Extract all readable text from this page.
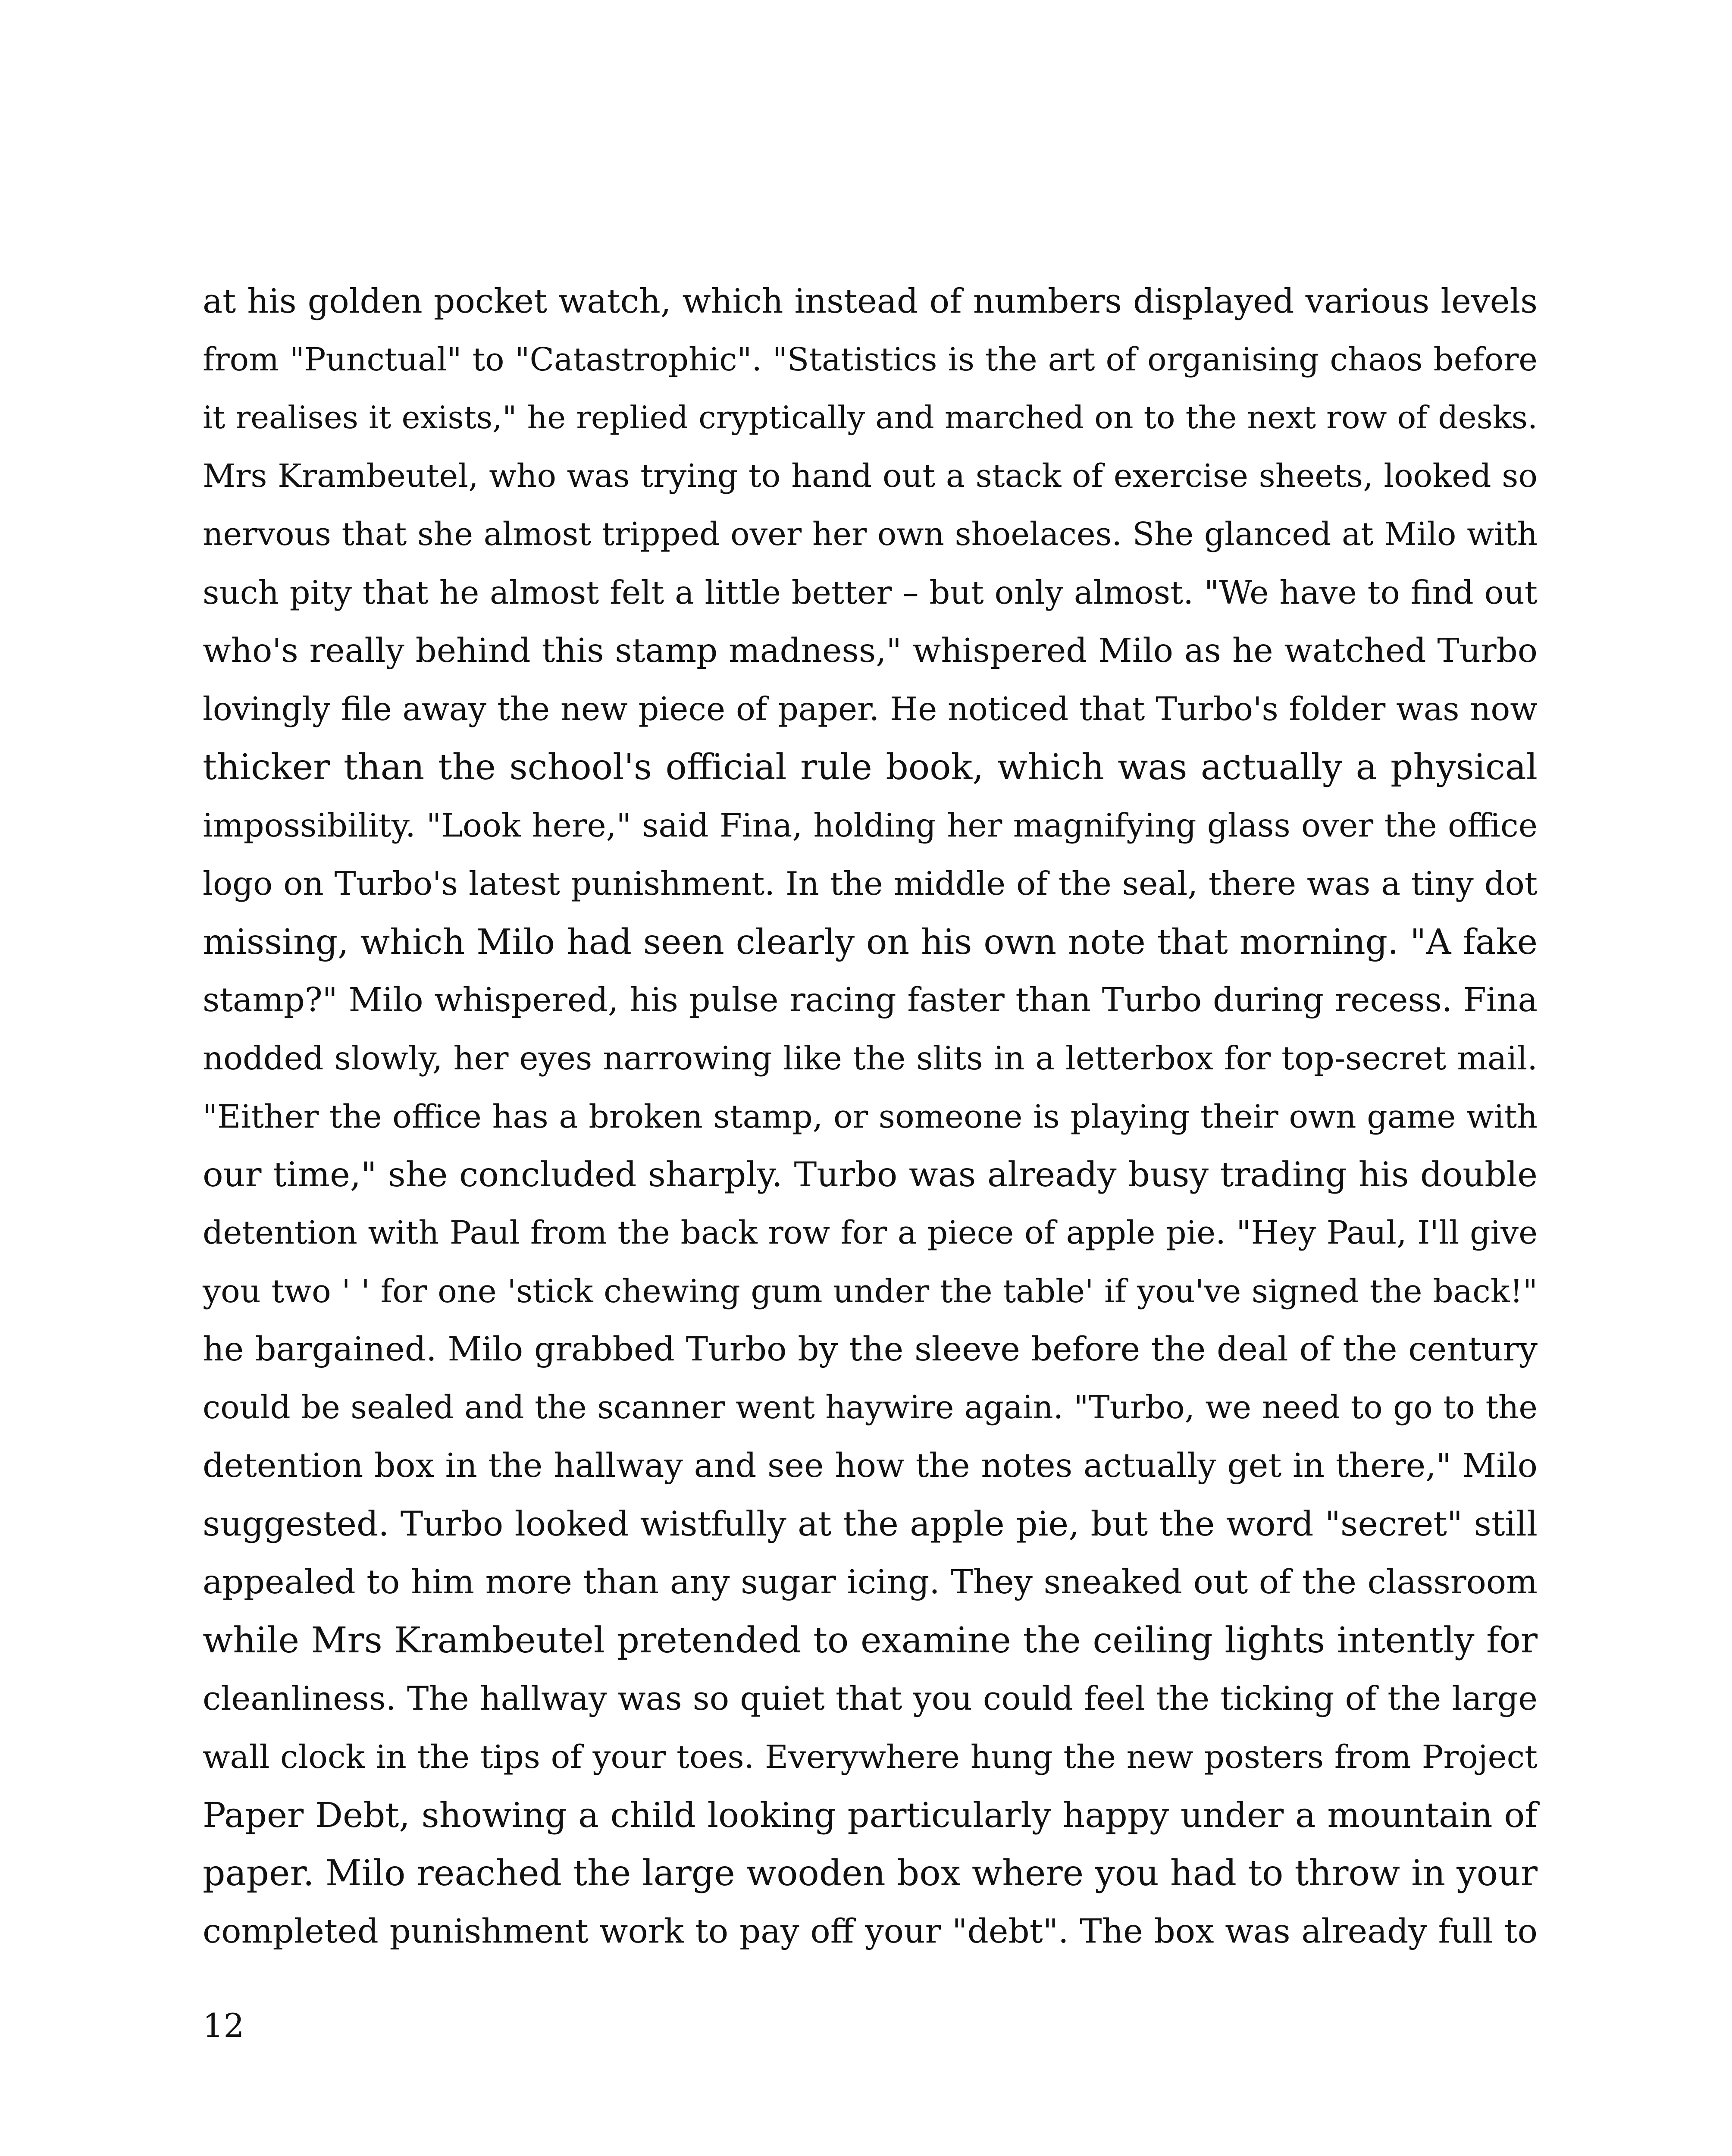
at his golden pocket watch, which instead of numbers displayed various levels
from "Punctual" to "Catastrophic". "Statistics is the art of organising chaos before
it realises it exists," he replied cryptically and marched on to the next row of desks.
Mrs Krambeutel, who was trying to hand out a stack of exercise sheets, looked so
nervous that she almost tripped over her own shoelaces. She glanced at Milo with
such pity that he almost felt a little better – but only almost. "We have to find out
who's really behind this stamp madness," whispered Milo as he watched Turbo
lovingly file away the new piece of paper. He noticed that Turbo's folder was now
thicker than the school's official rule book, which was actually a physical
impossibility. "Look here," said Fina, holding her magnifying glass over the office
logo on Turbo's latest punishment. In the middle of the seal, there was a tiny dot
missing, which Milo had seen clearly on his own note that morning. "A fake
stamp?" Milo whispered, his pulse racing faster than Turbo during recess. Fina
nodded slowly, her eyes narrowing like the slits in a letterbox for top-secret mail.
"Either the office has a broken stamp, or someone is playing their own game with
our time," she concluded sharply. Turbo was already busy trading his double
detention with Paul from the back row for a piece of apple pie. "Hey Paul, I'll give
you two ' ' for one 'stick chewing gum under the table' if you've signed the back!"
he bargained. Milo grabbed Turbo by the sleeve before the deal of the century
could be sealed and the scanner went haywire again. "Turbo, we need to go to the
detention box in the hallway and see how the notes actually get in there," Milo
suggested. Turbo looked wistfully at the apple pie, but the word "secret" still
appealed to him more than any sugar icing. They sneaked out of the classroom
while Mrs Krambeutel pretended to examine the ceiling lights intently for
cleanliness. The hallway was so quiet that you could feel the ticking of the large
wall clock in the tips of your toes. Everywhere hung the new posters from Project
Paper Debt, showing a child looking particularly happy under a mountain of
paper. Milo reached the large wooden box where you had to throw in your
completed punishment work to pay off your "debt". The box was already full to
12
